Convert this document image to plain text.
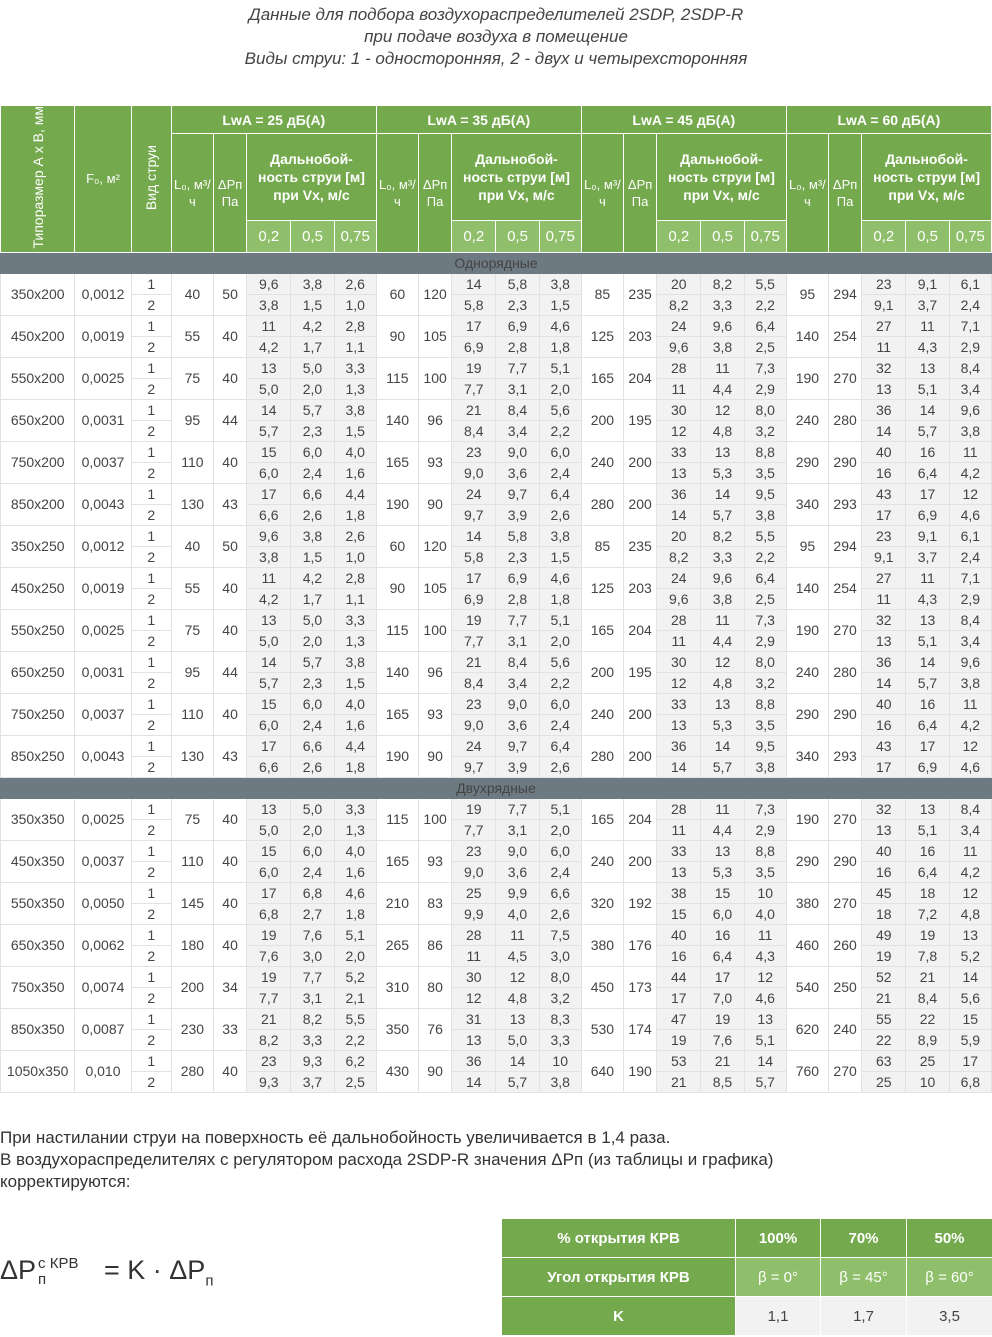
Данные для подбора воздухораспределителей 2SDP, 2SDP-R
при подаче воздуха в помещение
Виды струи: 1 - односторонняя, 2 - двух и четырехсторонняя
Типоразмер А х В, мм	F₀, м²	Вид струи	LwA = 25 дБ(А)					LwA = 35 дБ(А)					LwA = 45 дБ(А)					LwA = 60 дБ(А)				
			L₀, м³/ч	ΔPп Па	Дальнобой-ность струи [м] при Vx, м/с			L₀, м³/ч	ΔPп Па	Дальнобой-ность струи [м] при Vx, м/с			L₀, м³/ч	ΔPп Па	Дальнобой-ность струи [м] при Vx, м/с			L₀, м³/ч	ΔPп Па	Дальнобой-ность струи [м] при Vx, м/с		

					0,2	0,5	0,75			0,2	0,5	0,75			0,2	0,5	0,75			0,2	0,5	0,75
Однорядные																						
350x200	0,0012	1	40	50	9,6	3,8	2,6	60	120	14	5,8	3,8	85	235	20	8,2	5,5	95	294	23	9,1	6,1
		2			3,8	1,5	1,0			5,8	2,3	1,5			8,2	3,3	2,2			9,1	3,7	2,4
450x200	0,0019	1	55	40	11	4,2	2,8	90	105	17	6,9	4,6	125	203	24	9,6	6,4	140	254	27	11	7,1
		2			4,2	1,7	1,1			6,9	2,8	1,8			9,6	3,8	2,5			11	4,3	2,9
550x200	0,0025	1	75	40	13	5,0	3,3	115	100	19	7,7	5,1	165	204	28	11	7,3	190	270	32	13	8,4
		2			5,0	2,0	1,3			7,7	3,1	2,0			11	4,4	2,9			13	5,1	3,4
650x200	0,0031	1	95	44	14	5,7	3,8	140	96	21	8,4	5,6	200	195	30	12	8,0	240	280	36	14	9,6
		2			5,7	2,3	1,5			8,4	3,4	2,2			12	4,8	3,2			14	5,7	3,8
750x200	0,0037	1	110	40	15	6,0	4,0	165	93	23	9,0	6,0	240	200	33	13	8,8	290	290	40	16	11
		2			6,0	2,4	1,6			9,0	3,6	2,4			13	5,3	3,5			16	6,4	4,2
850x200	0,0043	1	130	43	17	6,6	4,4	190	90	24	9,7	6,4	280	200	36	14	9,5	340	293	43	17	12
		2			6,6	2,6	1,8			9,7	3,9	2,6			14	5,7	3,8			17	6,9	4,6
350x250	0,0012	1	40	50	9,6	3,8	2,6	60	120	14	5,8	3,8	85	235	20	8,2	5,5	95	294	23	9,1	6,1
		2			3,8	1,5	1,0			5,8	2,3	1,5			8,2	3,3	2,2			9,1	3,7	2,4
450x250	0,0019	1	55	40	11	4,2	2,8	90	105	17	6,9	4,6	125	203	24	9,6	6,4	140	254	27	11	7,1
		2			4,2	1,7	1,1			6,9	2,8	1,8			9,6	3,8	2,5			11	4,3	2,9
550x250	0,0025	1	75	40	13	5,0	3,3	115	100	19	7,7	5,1	165	204	28	11	7,3	190	270	32	13	8,4
		2			5,0	2,0	1,3			7,7	3,1	2,0			11	4,4	2,9			13	5,1	3,4
650x250	0,0031	1	95	44	14	5,7	3,8	140	96	21	8,4	5,6	200	195	30	12	8,0	240	280	36	14	9,6
		2			5,7	2,3	1,5			8,4	3,4	2,2			12	4,8	3,2			14	5,7	3,8
750x250	0,0037	1	110	40	15	6,0	4,0	165	93	23	9,0	6,0	240	200	33	13	8,8	290	290	40	16	11
		2			6,0	2,4	1,6			9,0	3,6	2,4			13	5,3	3,5			16	6,4	4,2
850x250	0,0043	1	130	43	17	6,6	4,4	190	90	24	9,7	6,4	280	200	36	14	9,5	340	293	43	17	12
		2			6,6	2,6	1,8			9,7	3,9	2,6			14	5,7	3,8			17	6,9	4,6
Двухрядные																						
350x350	0,0025	1	75	40	13	5,0	3,3	115	100	19	7,7	5,1	165	204	28	11	7,3	190	270	32	13	8,4
		2			5,0	2,0	1,3			7,7	3,1	2,0			11	4,4	2,9			13	5,1	3,4
450x350	0,0037	1	110	40	15	6,0	4,0	165	93	23	9,0	6,0	240	200	33	13	8,8	290	290	40	16	11
		2			6,0	2,4	1,6			9,0	3,6	2,4			13	5,3	3,5			16	6,4	4,2
550x350	0,0050	1	145	40	17	6,8	4,6	210	83	25	9,9	6,6	320	192	38	15	10	380	270	45	18	12
		2			6,8	2,7	1,8			9,9	4,0	2,6			15	6,0	4,0			18	7,2	4,8
650x350	0,0062	1	180	40	19	7,6	5,1	265	86	28	11	7,5	380	176	40	16	11	460	260	49	19	13
		2			7,6	3,0	2,0			11	4,5	3,0			16	6,4	4,3			19	7,8	5,2
750x350	0,0074	1	200	34	19	7,7	5,2	310	80	30	12	8,0	450	173	44	17	12	540	250	52	21	14
		2			7,7	3,1	2,1			12	4,8	3,2			17	7,0	4,6			21	8,4	5,6
850x350	0,0087	1	230	33	21	8,2	5,5	350	76	31	13	8,3	530	174	47	19	13	620	240	55	22	15
		2			8,2	3,3	2,2			13	5,0	3,3			19	7,6	5,1			22	8,9	5,9
1050x350	0,010	1	280	40	23	9,3	6,2	430	90	36	14	10	640	190	53	21	14	760	270	63	25	17
		2			9,3	3,7	2,5			14	5,7	3,8			21	8,5	5,7			25	10	6,8
При настилании струи на поверхность её дальнобойность увеличивается в 1,4 раза.
В воздухораспределителях с регулятором расхода 2SDP-R значения ΔPп (из таблицы и графика)
корректируются:
ΔP с КРВ
п	= $K \cdot \Delta P_п$
% открытия КРВ	100%	70%	50%
Угол открытия КРВ	β = 0°	β = 45°	β = 60°
K	1,1	1,7	3,5
